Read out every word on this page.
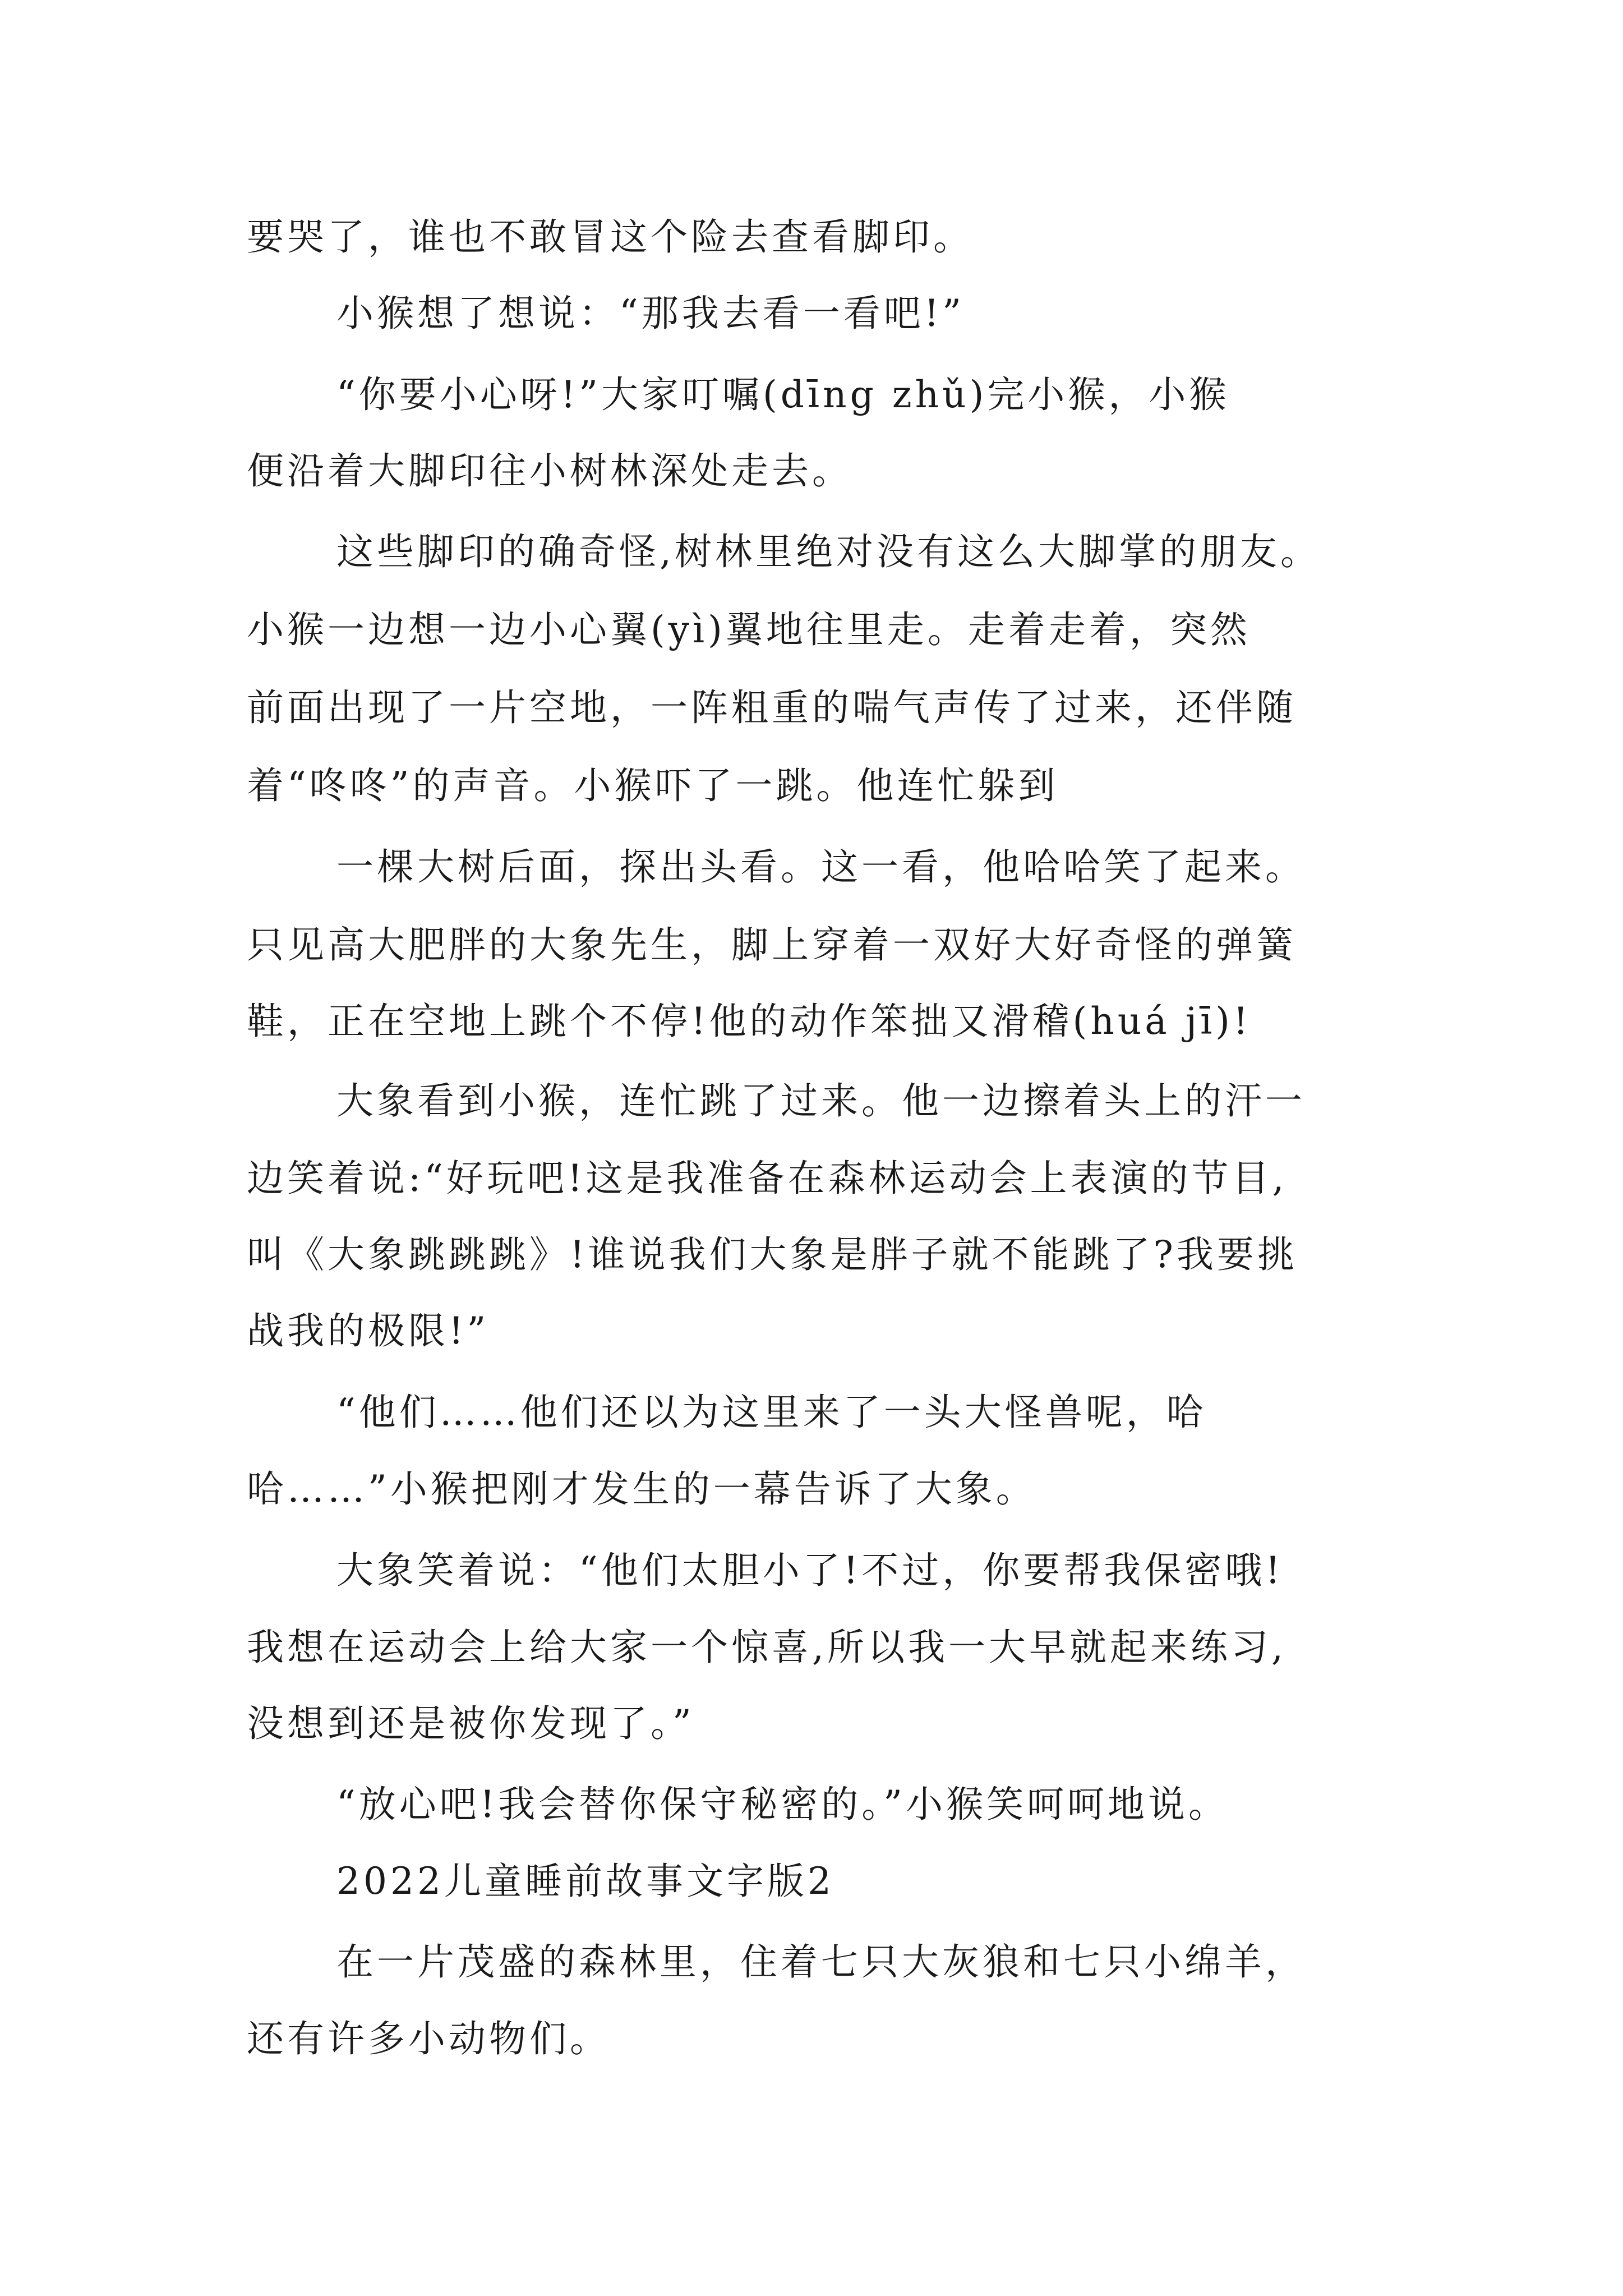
要哭了，谁也不敢冒这个险去查看脚印。
小猴想了想说：“那我去看一看吧!”
“你要小心呀!”大家叮嘱(dīng zhǔ)完小猴，小猴
便沿着大脚印往小树林深处走去。
这些脚印的确奇怪,树林里绝对没有这么大脚掌的朋友。
小猴一边想一边小心翼(yì)翼地往里走。走着走着，突然
前面出现了一片空地，一阵粗重的喘气声传了过来，还伴随
着“咚咚”的声音。小猴吓了一跳。他连忙躲到
一棵大树后面，探出头看。这一看，他哈哈笑了起来。
只见高大肥胖的大象先生，脚上穿着一双好大好奇怪的弹簧
鞋，正在空地上跳个不停!他的动作笨拙又滑稽(huá jī)!
大象看到小猴，连忙跳了过来。他一边擦着头上的汗一
边笑着说:“好玩吧!这是我准备在森林运动会上表演的节目,
叫《大象跳跳跳》!谁说我们大象是胖子就不能跳了?我要挑
战我的极限!”
“他们……他们还以为这里来了一头大怪兽呢，哈
哈……”小猴把刚才发生的一幕告诉了大象。
大象笑着说：“他们太胆小了!不过，你要帮我保密哦!
我想在运动会上给大家一个惊喜,所以我一大早就起来练习,
没想到还是被你发现了。”
“放心吧!我会替你保守秘密的。”小猴笑呵呵地说。
2022儿童睡前故事文字版2
在一片茂盛的森林里，住着七只大灰狼和七只小绵羊，
还有许多小动物们。
